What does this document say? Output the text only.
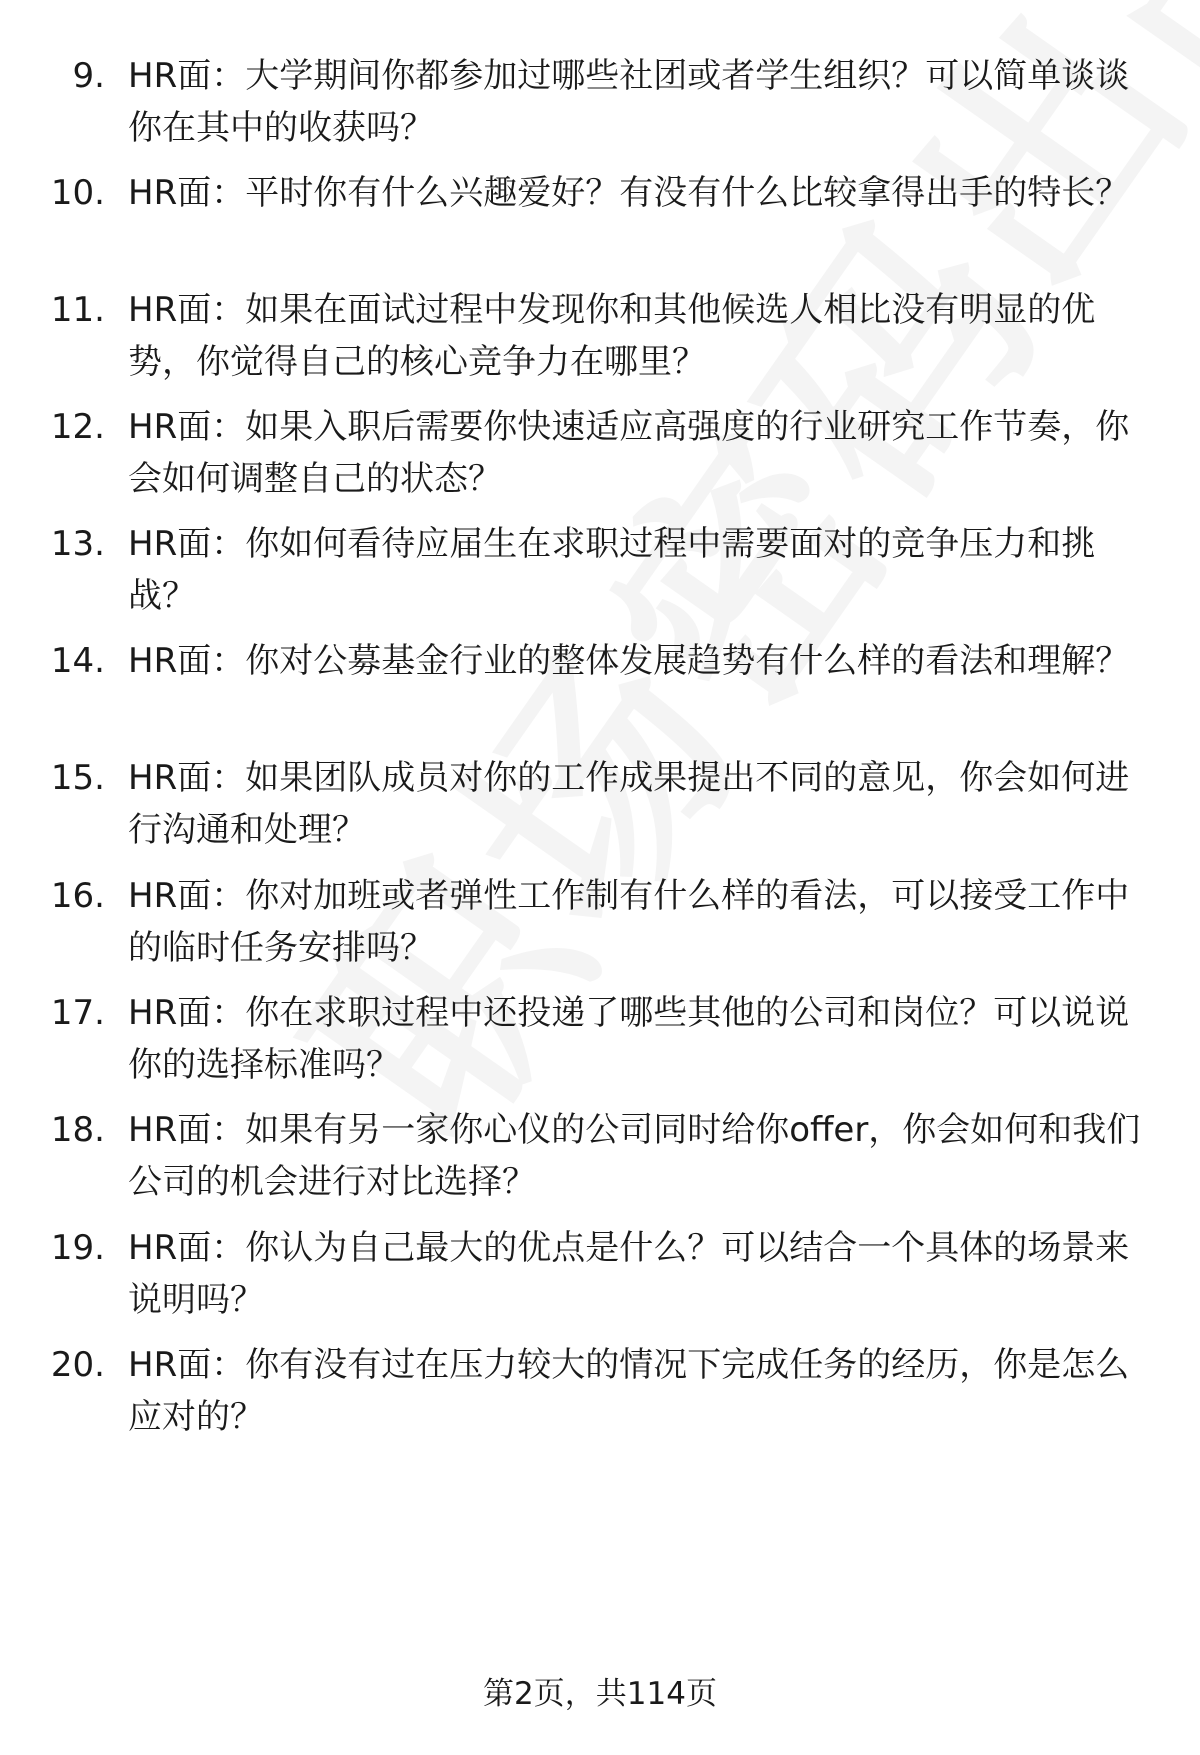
9. HR面：大学期间你都参加过哪些社团或者学生组织？可以简单谈谈你在其中的收获吗？
10. HR面：平时你有什么兴趣爱好？有没有什么比较拿得出手的特长？
11. HR面：如果在面试过程中发现你和其他候选人相比没有明显的优势，你觉得自己的核心竞争力在哪里？
12. HR面：如果入职后需要你快速适应高强度的行业研究工作节奏，你会如何调整自己的状态？
13. HR面：你如何看待应届生在求职过程中需要面对的竞争压力和挑战？
14. HR面：你对公募基金行业的整体发展趋势有什么样的看法和理解？
15. HR面：如果团队成员对你的工作成果提出不同的意见，你会如何进行沟通和处理？
16. HR面：你对加班或者弹性工作制有什么样的看法，可以接受工作中的临时任务安排吗？
17. HR面：你在求职过程中还投递了哪些其他的公司和岗位？可以说说你的选择标准吗？
18. HR面：如果有另一家你心仪的公司同时给你offer，你会如何和我们公司的机会进行对比选择？
19. HR面：你认为自己最大的优点是什么？可以结合一个具体的场景来说明吗？
20. HR面：你有没有过在压力较大的情况下完成任务的经历，你是怎么应对的？
第2页，共114页
